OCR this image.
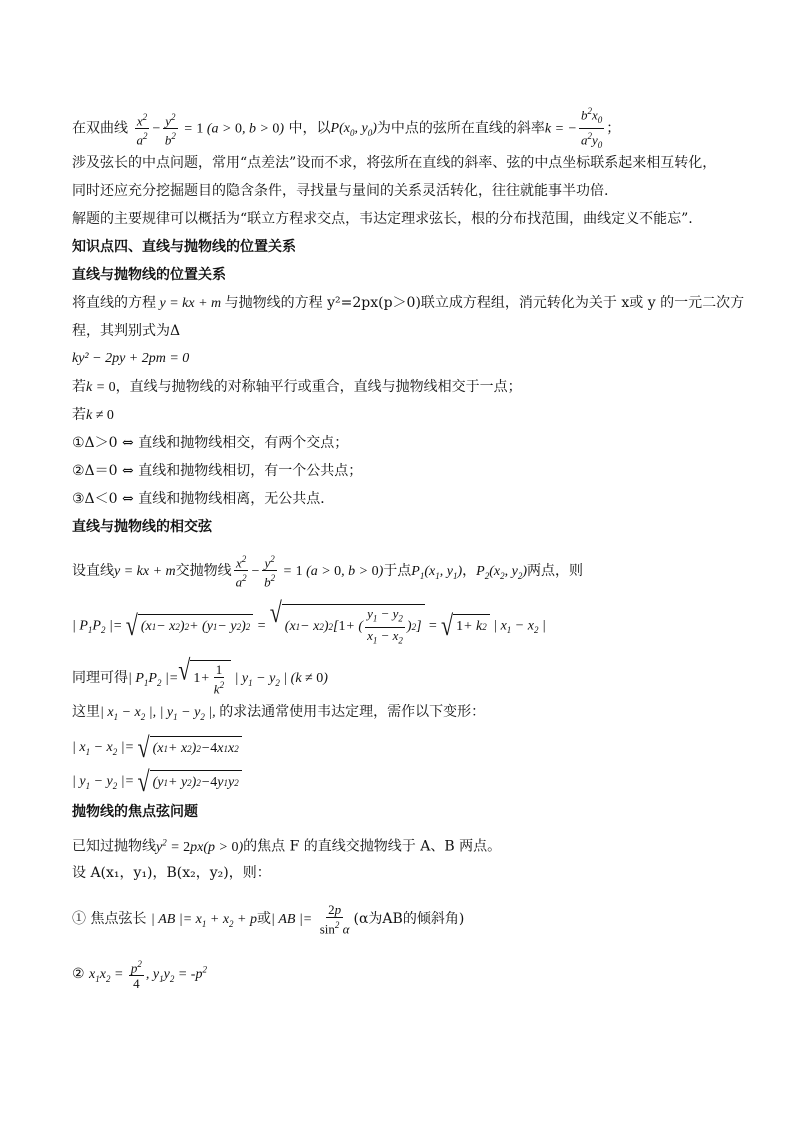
在双曲线 $\frac{x^2}{a^2} - \frac{y^2}{b^2} = 1$ (a > 0, b > 0) 中，以$P(x_0$, $y_0$)为中点的弦所在直线的斜率k = − $\frac{b^2x_0}{a^2y_0}$ ；
涉及弦长的中点问题，常用“点差法”设而不求，将弦所在直线的斜率、弦的中点坐标联系起来相互转化，
同时还应充分挖掘题目的隐含条件，寻找量与量间的关系灵活转化，往往就能事半功倍.
解题的主要规律可以概括为“联立方程求交点，韦达定理求弦长，根的分布找范围，曲线定义不能忘”.
知识点四、直线与抛物线的位置关系
直线与抛物线的位置关系
将直线的方程 y = kx + m 与抛物线的方程 y²=2px(p＞0)联立成方程组，消元转化为关于 x或 y 的一元二次方
程，其判别式为Δ
ky² − 2py + 2pm = 0
若k = 0，直线与抛物线的对称轴平行或重合，直线与抛物线相交于一点；
若k ≠ 0
①Δ＞0 ⇔ 直线和抛物线相交，有两个交点；
②Δ＝0 ⇔ 直线和抛物线相切，有一个公共点；
③Δ＜0 ⇔ 直线和抛物线相离，无公共点．
直线与抛物线的相交弦
设直线y = kx + m交抛物线 $\frac{x^2}{a^2} - \frac{y^2}{b^2} = 1$ (a > 0, b > 0)于点$P_1(x_1$, $y_1$)，$P_2(x_2$, $y_2$)两点，则
| $P_1P_2$ |= √ (x 1 − x 2 ) 2 + (y 1 − y 2 ) 2 = √ (x 1 − x 2 ) 2 [ 1 + ( $\frac{y_1 - y_2}{x_1 - x_2}$ ) 2 ] = √ 1 + k 2 | $x_1 - x_2$ |
同理可得| $P_1P_2$ |= √ $1 + \frac{1}{k^2}$ | $y_1 - y_2$ | (k ≠ 0)
这里| $x_1 - x_2$ |, | $y_1 - y_2$ |, 的求法通常使用韦达定理，需作以下变形：
| $x_1 - x_2$ |= √ (x 1 + x 2 ) 2 − 4 x 1 x 2
| $y_1 - y_2$ |= √ (y 1 + y 2 ) 2 − 4 y 1 y 2
抛物线的焦点弦问题
已知过抛物线$y^2 = 2px(p > 0)$的焦点 F 的直线交抛物线于 A、B 两点。
设 A(x₁，y₁)，B(x₂，y₂)，则：
① 焦点弦长 | AB |= $x_1 + x_2 + p$或| AB |= $\frac{2p}{\sin^2 \alpha} (\alpha$为AB的倾斜角)
② $x_1x_2 = \frac{p^2}{4}$ , $y_1y_2 = -p^2$
